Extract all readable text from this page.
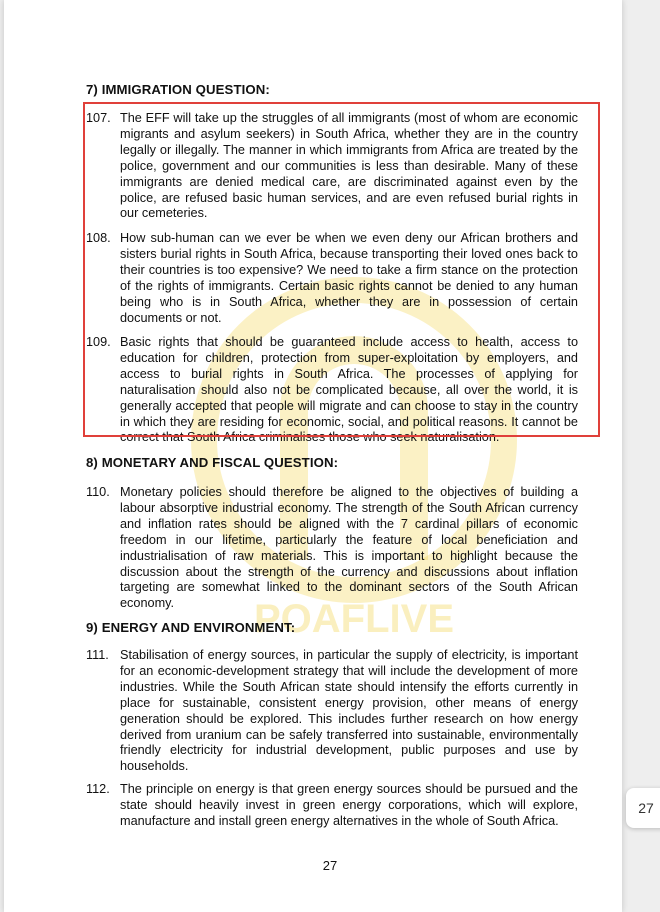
POAFLIVE
7) IMMIGRATION QUESTION:
107. The EFF will take up the struggles of all immigrants (most of whom are economic migrants and asylum seekers) in South Africa, whether they are in the country legally or illegally. The manner in which immigrants from Africa are treated by the police, government and our communities is less than desirable. Many of these immigrants are denied medical care, are discriminated against even by the police, are refused basic human services, and are even refused burial rights in our cemeteries.
108. How sub-human can we ever be when we even deny our African brothers and sisters burial rights in South Africa, because transporting their loved ones back to their countries is too expensive? We need to take a firm stance on the protection of the rights of immigrants. Certain basic rights cannot be denied to any human being who is in South Africa, whether they are in possession of certain documents or not.
109. Basic rights that should be guaranteed include access to health, access to education for children, protection from super-exploitation by employers, and access to burial rights in South Africa. The processes of applying for naturalisation should also not be complicated because, all over the world, it is generally accepted that people will migrate and can choose to stay in the country in which they are residing for economic, social, and political reasons. It cannot be correct that South Africa criminalises those who seek naturalisation.
8) MONETARY AND FISCAL QUESTION:
110. Monetary policies should therefore be aligned to the objectives of building a labour absorptive industrial economy. The strength of the South African currency and inflation rates should be aligned with the 7 cardinal pillars of economic freedom in our lifetime, particularly the feature of local beneficiation and industrialisation of raw materials. This is important to highlight because the discussion about the strength of the currency and discussions about inflation targeting are somewhat linked to the dominant sectors of the South African economy.
9) ENERGY AND ENVIRONMENT:
111. Stabilisation of energy sources, in particular the supply of electricity, is important for an economic-development strategy that will include the development of more industries. While the South African state should intensify the efforts currently in place for sustainable, consistent energy provision, other means of energy generation should be explored. This includes further research on how energy derived from uranium can be safely transferred into sustainable, environmentally friendly electricity for industrial development, public purposes and use by households.
112. The principle on energy is that green energy sources should be pursued and the state should heavily invest in green energy corporations, which will explore, manufacture and install green energy alternatives in the whole of South Africa.
27
27
